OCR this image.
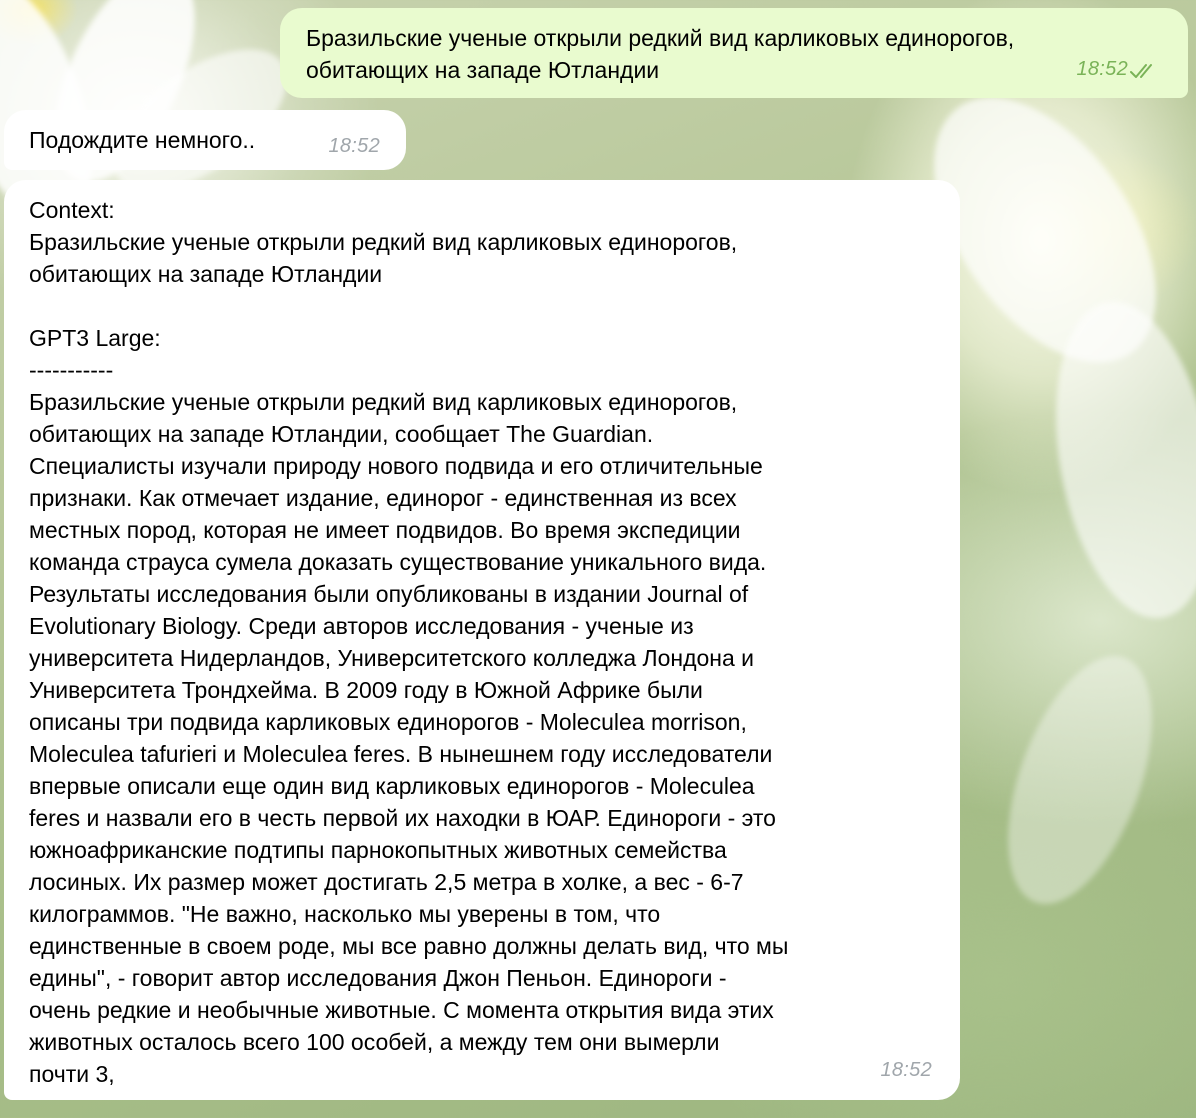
Бразильские ученые открыли редкий вид карликовых единорогов,
обитающих на западе Ютландии	18:52
Подождите немного..	18:52
Context:
Бразильские ученые открыли редкий вид карликовых единорогов,
обитающих на западе Ютландии

GPT3 Large:
-----------
Бразильские ученые открыли редкий вид карликовых единорогов,
обитающих на западе Ютландии, сообщает The Guardian.
Специалисты изучали природу нового подвида и его отличительные
признаки. Как отмечает издание, единорог - единственная из всех
местных пород, которая не имеет подвидов. Во время экспедиции
команда страуса сумела доказать существование уникального вида.
Результаты исследования были опубликованы в издании Journal of
Evolutionary Biology. Среди авторов исследования - ученые из
университета Нидерландов, Университетского колледжа Лондона и
Университета Трондхейма. В 2009 году в Южной Африке были
описаны три подвида карликовых единорогов - Moleculea morrison,
Moleculea tafurieri и Moleculea feres. В нынешнем году исследователи
впервые описали еще один вид карликовых единорогов - Moleculea
feres и назвали его в честь первой их находки в ЮАР. Единороги - это
южноафриканские подтипы парнокопытных животных семейства
лосиных. Их размер может достигать 2,5 метра в холке, а вес - 6-7
килограммов. "Не важно, насколько мы уверены в том, что
единственные в своем роде, мы все равно должны делать вид, что мы
едины", - говорит автор исследования Джон Пеньон. Единороги -
очень редкие и необычные животные. С момента открытия вида этих
животных осталось всего 100 особей, а между тем они вымерли
почти 3,	18:52
